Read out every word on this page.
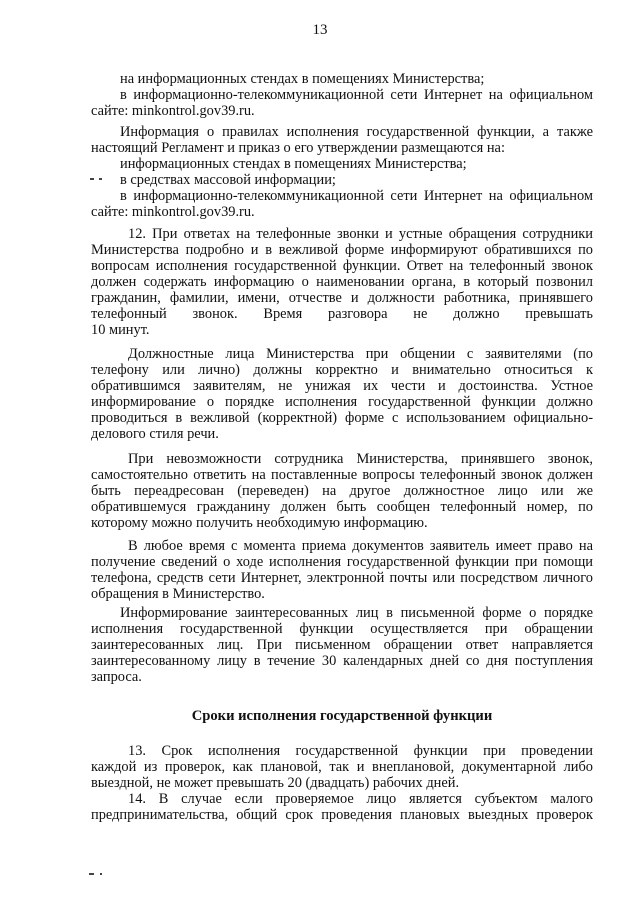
13
на информационных стендах в помещениях Министерства;
в информационно-телекоммуникационной сети Интернет на официальном
сайте: minkontrol.gov39.ru.
Информация о правилах исполнения государственной функции, а также
настоящий Регламент и приказ о его утверждении размещаются на:
информационных стендах в помещениях Министерства;
в средствах массовой информации;
в информационно-телекоммуникационной сети Интернет на официальном
сайте: minkontrol.gov39.ru.
12. При ответах на телефонные звонки и устные обращения сотрудники
Министерства подробно и в вежливой форме информируют обратившихся по
вопросам исполнения государственной функции. Ответ на телефонный звонок
должен содержать информацию о наименовании органа, в который позвонил
гражданин, фамилии, имени, отчестве и должности работника, принявшего
телефонный звонок. Время разговора не должно превышать
10 минут.
Должностные лица Министерства при общении с заявителями (по
телефону или лично) должны корректно и внимательно относиться к
обратившимся заявителям, не унижая их чести и достоинства. Устное
информирование о порядке исполнения государственной функции должно
проводиться в вежливой (корректной) форме с использованием официально-
делового стиля речи.
При невозможности сотрудника Министерства, принявшего звонок,
самостоятельно ответить на поставленные вопросы телефонный звонок должен
быть переадресован (переведен) на другое должностное лицо или же
обратившемуся гражданину должен быть сообщен телефонный номер, по
которому можно получить необходимую информацию.
В любое время с момента приема документов заявитель имеет право на
получение сведений о ходе исполнения государственной функции при помощи
телефона, средств сети Интернет, электронной почты или посредством личного
обращения в Министерство.
Информирование заинтересованных лиц в письменной форме о порядке
исполнения государственной функции осуществляется при обращении
заинтересованных лиц. При письменном обращении ответ направляется
заинтересованному лицу в течение 30 календарных дней со дня поступления
запроса.
Сроки исполнения государственной функции
13. Срок исполнения государственной функции при проведении
каждой из проверок, как плановой, так и внеплановой, документарной либо
выездной, не может превышать 20 (двадцать) рабочих дней.
14. В случае если проверяемое лицо является субъектом малого
предпринимательства, общий срок проведения плановых выездных проверок
